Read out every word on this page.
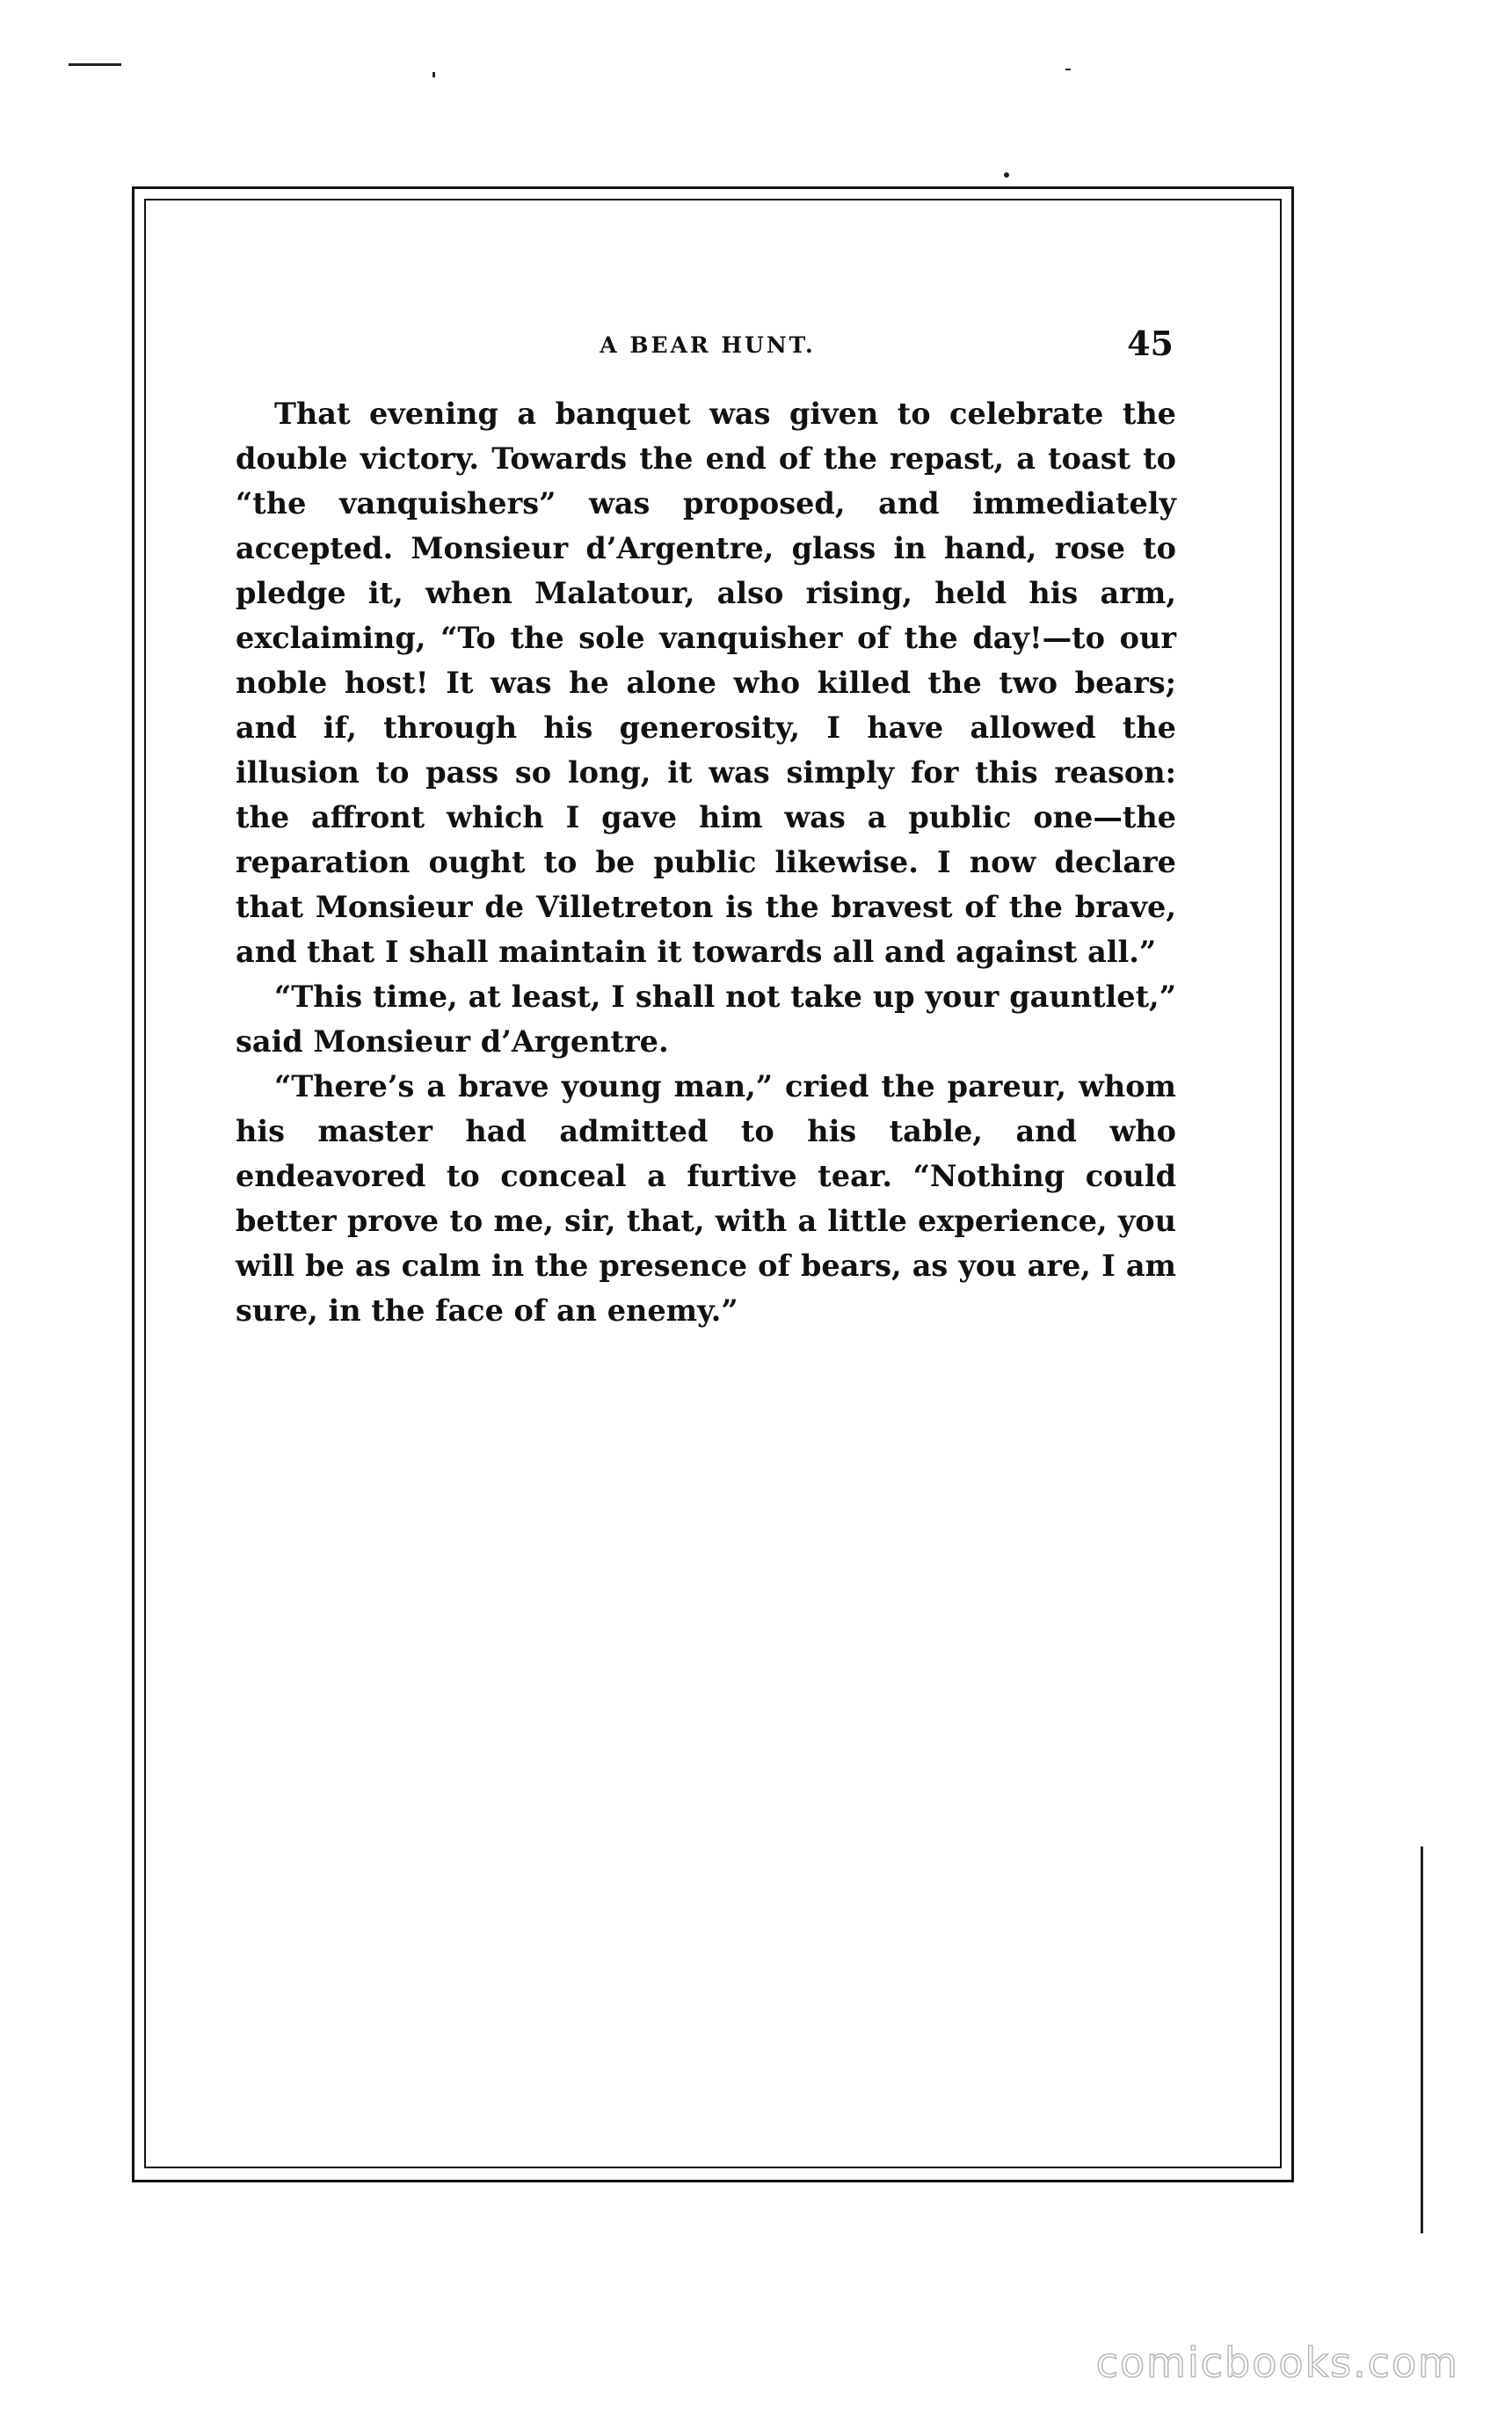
A BEAR HUNT.	45

That evening a banquet was given to celebrate the double victory. Towards the end of the repast, a toast to “the vanquishers” was proposed, and immediately accepted. Monsieur d’Argentre, glass in hand, rose to pledge it, when Malatour, also rising, held his arm, exclaiming, “To the sole vanquisher of the day!—to our noble host! It was he alone who killed the two bears; and if, through his generosity, I have allowed the illusion to pass so long, it was simply for this reason: the affront which I gave him was a public one—the reparation ought to be public likewise. I now declare that Monsieur de Villetreton is the bravest of the brave, and that I shall maintain it towards all and against all.”

“This time, at least, I shall not take up your gauntlet,” said Monsieur d’Argentre.

“There’s a brave young man,” cried the pareur, whom his master had admitted to his table, and who endeavored to conceal a furtive tear. “Nothing could better prove to me, sir, that, with a little experience, you will be as calm in the presence of bears, as you are, I am sure, in the face of an enemy.”

comicbooks.com
